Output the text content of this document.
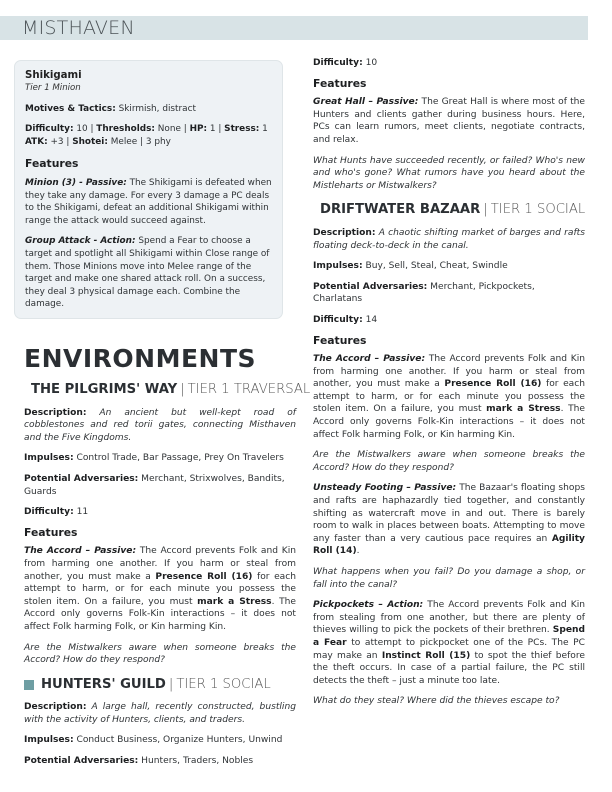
MISTHAVEN
Shikigami
Tier 1 Minion
Motives & Tactics: Skirmish, distract
Difficulty: 10 | Thresholds: None | HP: 1 | Stress: 1
ATK: +3 | Shotei: Melee | 3 phy
Features
Minion (3) - Passive: The Shikigami is defeated when they take any damage. For every 3 damage a PC deals to the Shikigami, defeat an additional Shikigami within range the attack would succeed against.
Group Attack - Action: Spend a Fear to choose a target and spotlight all Shikigami within Close range of them. Those Minions move into Melee range of the target and make one shared attack roll. On a success, they deal 3 physical damage each. Combine the damage.
ENVIRONMENTS
THE PILGRIMS' WAY | TIER 1 TRAVERSAL
Description: An ancient but well-kept road of cobblestones and red torii gates, connecting Misthaven and the Five Kingdoms.
Impulses: Control Trade, Bar Passage, Prey On Travelers
Potential Adversaries: Merchant, Strixwolves, Bandits, Guards
Difficulty: 11
Features
The Accord – Passive: The Accord prevents Folk and Kin from harming one another. If you harm or steal from another, you must make a Presence Roll (16) for each attempt to harm, or for each minute you possess the stolen item. On a failure, you must mark a Stress. The Accord only governs Folk-Kin interactions – it does not affect Folk harming Folk, or Kin harming Kin.
Are the Mistwalkers aware when someone breaks the Accord? How do they respond?
HUNTERS' GUILD | TIER 1 SOCIAL
Description: A large hall, recently constructed, bustling with the activity of Hunters, clients, and traders.
Impulses: Conduct Business, Organize Hunters, Unwind
Potential Adversaries: Hunters, Traders, Nobles
Difficulty: 10
Features
Great Hall – Passive: The Great Hall is where most of the Hunters and clients gather during business hours. Here, PCs can learn rumors, meet clients, negotiate contracts, and relax.
What Hunts have succeeded recently, or failed? Who's new and who's gone? What rumors have you heard about the Mistleharts or Mistwalkers?
DRIFTWATER BAZAAR | TIER 1 SOCIAL
Description: A chaotic shifting market of barges and rafts floating deck-to-deck in the canal.
Impulses: Buy, Sell, Steal, Cheat, Swindle
Potential Adversaries: Merchant, Pickpockets, Charlatans
Difficulty: 14
Features
The Accord – Passive: The Accord prevents Folk and Kin from harming one another. If you harm or steal from another, you must make a Presence Roll (16) for each attempt to harm, or for each minute you possess the stolen item. On a failure, you must mark a Stress. The Accord only governs Folk-Kin interactions – it does not affect Folk harming Folk, or Kin harming Kin.
Are the Mistwalkers aware when someone breaks the Accord? How do they respond?
Unsteady Footing – Passive: The Bazaar's floating shops and rafts are haphazardly tied together, and constantly shifting as watercraft move in and out. There is barely room to walk in places between boats. Attempting to move any faster than a very cautious pace requires an Agility Roll (14).
What happens when you fail? Do you damage a shop, or fall into the canal?
Pickpockets – Action: The Accord prevents Folk and Kin from stealing from one another, but there are plenty of thieves willing to pick the pockets of their brethren. Spend a Fear to attempt to pickpocket one of the PCs. The PC may make an Instinct Roll (15) to spot the thief before the theft occurs. In case of a partial failure, the PC still detects the theft – just a minute too late.
What do they steal? Where did the thieves escape to?
